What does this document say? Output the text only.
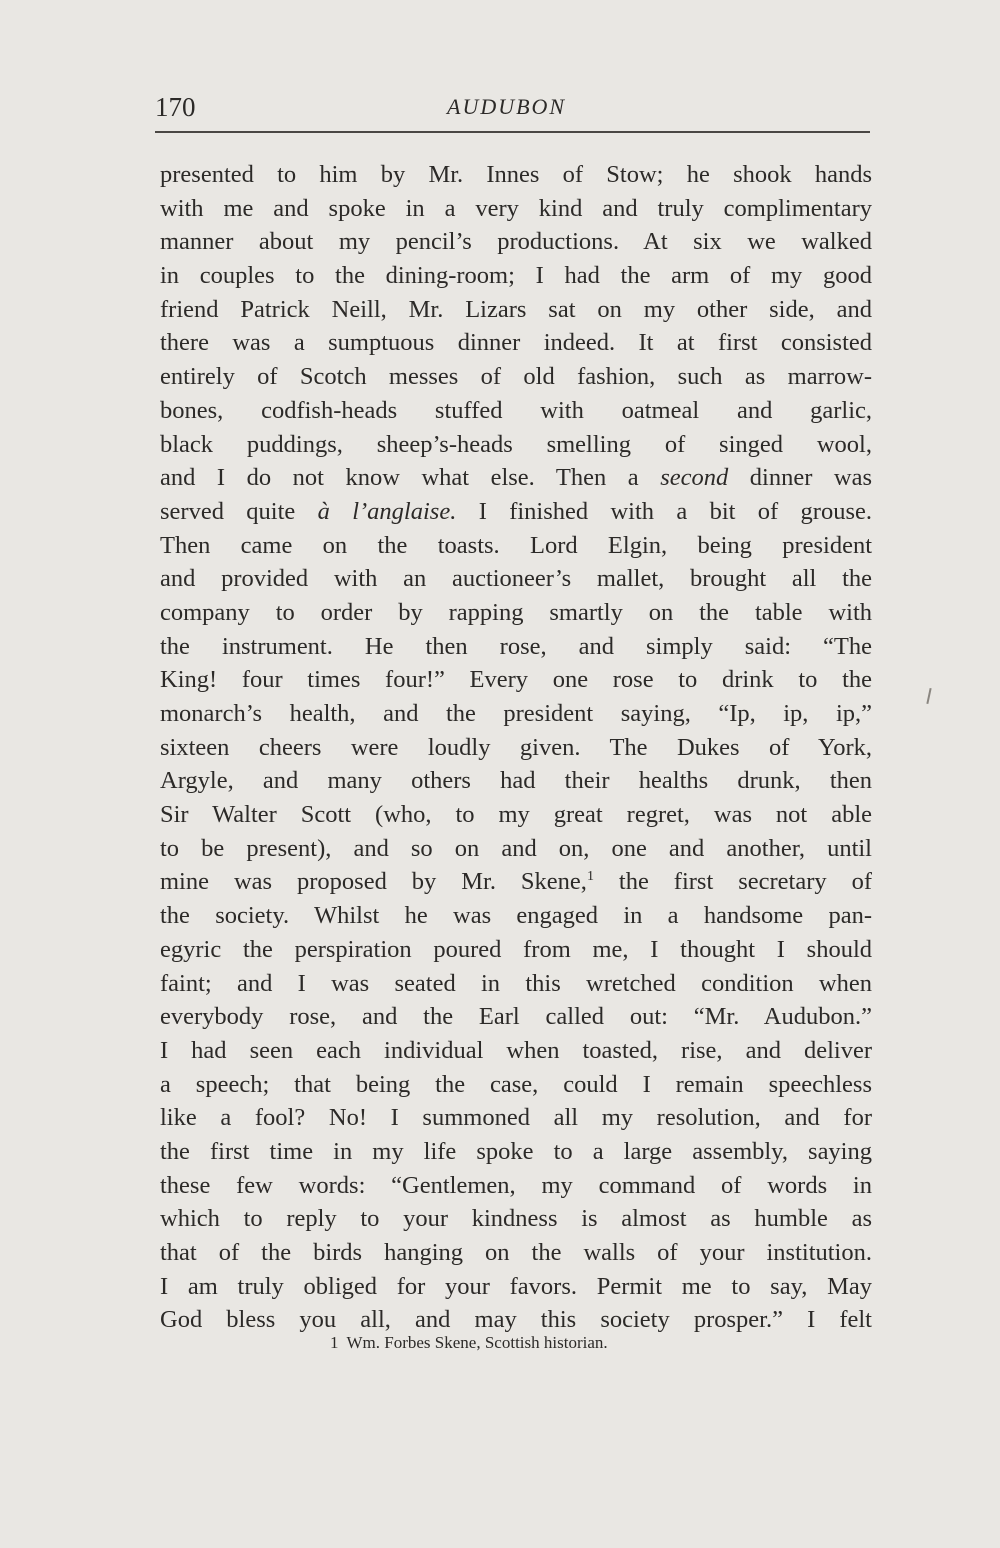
170	AUDUBON
presented to him by Mr. Innes of Stow; he shook hands
with me and spoke in a very kind and truly complimentary
manner about my pencil’s productions. At six we walked
in couples to the dining-room; I had the arm of my good
friend Patrick Neill, Mr. Lizars sat on my other side, and
there was a sumptuous dinner indeed. It at first consisted
entirely of Scotch messes of old fashion, such as marrow-
bones, codfish-heads stuffed with oatmeal and garlic,
black puddings, sheep’s-heads smelling of singed wool,
and I do not know what else. Then a second dinner was
served quite à l’anglaise. I finished with a bit of grouse.
Then came on the toasts. Lord Elgin, being president
and provided with an auctioneer’s mallet, brought all the
company to order by rapping smartly on the table with
the instrument. He then rose, and simply said: “The
King! four times four!” Every one rose to drink to the
monarch’s health, and the president saying, “Ip, ip, ip,”
sixteen cheers were loudly given. The Dukes of York,
Argyle, and many others had their healths drunk, then
Sir Walter Scott (who, to my great regret, was not able
to be present), and so on and on, one and another, until
mine was proposed by Mr. Skene,$^1$ the first secretary of
the society. Whilst he was engaged in a handsome pan-
egyric the perspiration poured from me, I thought I should
faint; and I was seated in this wretched condition when
everybody rose, and the Earl called out: “Mr. Audubon.”
I had seen each individual when toasted, rise, and deliver
a speech; that being the case, could I remain speechless
like a fool? No! I summoned all my resolution, and for
the first time in my life spoke to a large assembly, saying
these few words: “Gentlemen, my command of words in
which to reply to your kindness is almost as humble as
that of the birds hanging on the walls of your institution.
I am truly obliged for your favors. Permit me to say, May
God bless you all, and may this society prosper.” I felt
1 Wm. Forbes Skene, Scottish historian.
